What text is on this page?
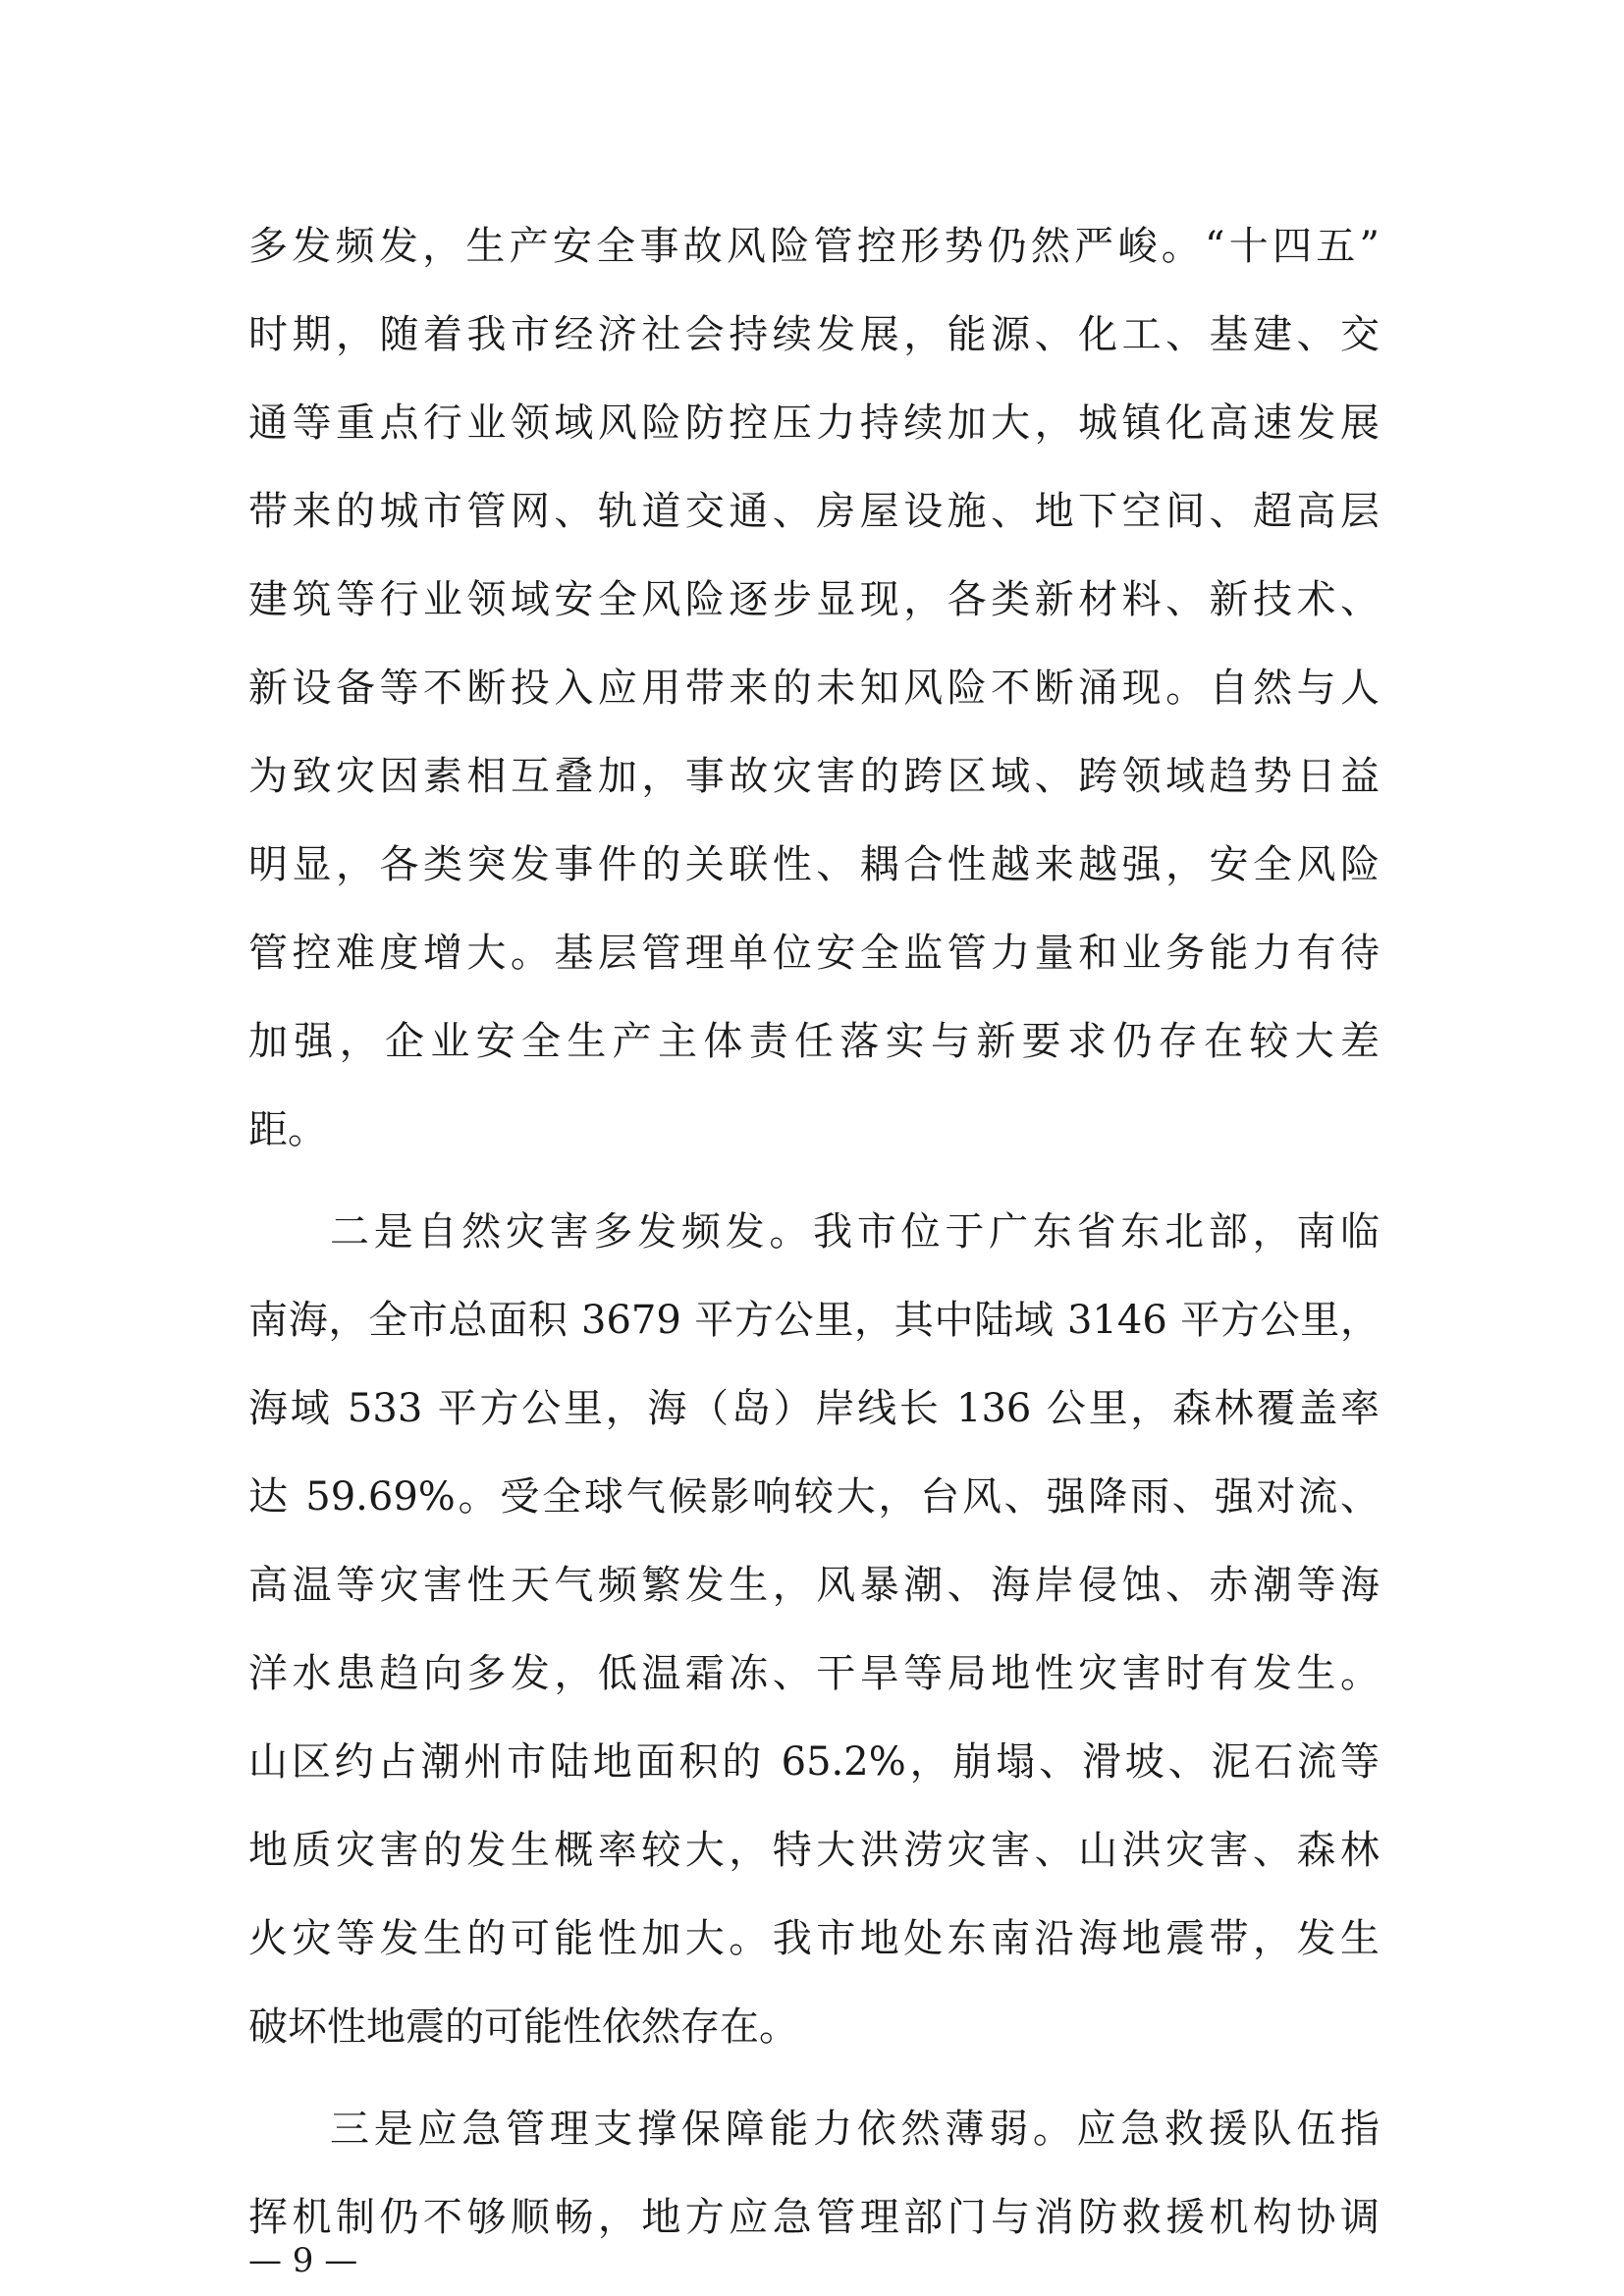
多发频发，生产安全事故风险管控形势仍然严峻。“十四五”
时期，随着我市经济社会持续发展，能源、化工、基建、交
通等重点行业领域风险防控压力持续加大，城镇化高速发展
带来的城市管网、轨道交通、房屋设施、地下空间、超高层
建筑等行业领域安全风险逐步显现，各类新材料、新技术、
新设备等不断投入应用带来的未知风险不断涌现。自然与人
为致灾因素相互叠加，事故灾害的跨区域、跨领域趋势日益
明显，各类突发事件的关联性、耦合性越来越强，安全风险
管控难度增大。基层管理单位安全监管力量和业务能力有待
加强，企业安全生产主体责任落实与新要求仍存在较大差
距。
二是自然灾害多发频发。我市位于广东省东北部，南临
南海，全市总面积 3679 平方公里，其中陆域 3146 平方公里，
海域 533 平方公里，海（岛）岸线长 136 公里，森林覆盖率
达 59.69%。受全球气候影响较大，台风、强降雨、强对流、
高温等灾害性天气频繁发生，风暴潮、海岸侵蚀、赤潮等海
洋水患趋向多发，低温霜冻、干旱等局地性灾害时有发生。
山区约占潮州市陆地面积的 65.2%，崩塌、滑坡、泥石流等
地质灾害的发生概率较大，特大洪涝灾害、山洪灾害、森林
火灾等发生的可能性加大。我市地处东南沿海地震带，发生
破坏性地震的可能性依然存在。
三是应急管理支撑保障能力依然薄弱。应急救援队伍指
挥机制仍不够顺畅，地方应急管理部门与消防救援机构协调
— 9 —
